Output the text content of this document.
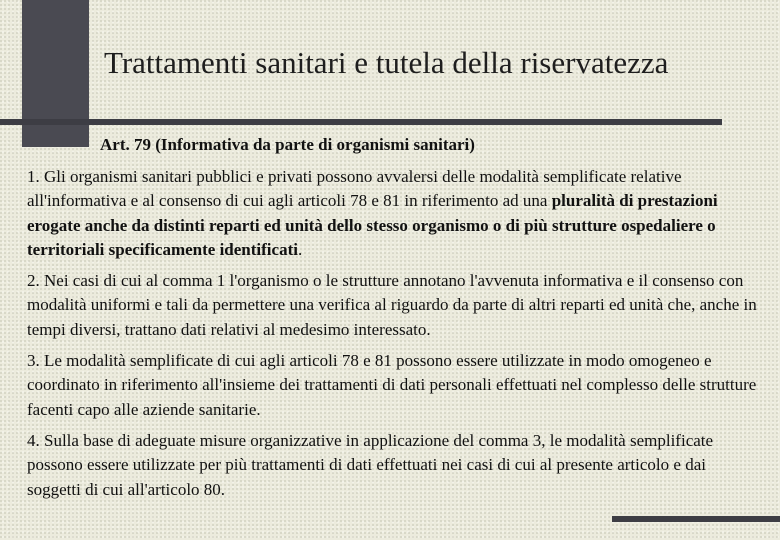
Trattamenti sanitari e tutela della riservatezza
Art. 79 (Informativa da parte di organismi sanitari)

1. Gli organismi sanitari pubblici e privati possono avvalersi delle modalità semplificate relative all'informativa e al consenso di cui agli articoli 78 e 81 in riferimento ad una pluralità di prestazioni erogate anche da distinti reparti ed unità dello stesso organismo o di più strutture ospedaliere o territoriali specificamente identificati.

2. Nei casi di cui al comma 1 l'organismo o le strutture annotano l'avvenuta informativa e il consenso con modalità uniformi e tali da permettere una verifica al riguardo da parte di altri reparti ed unità che, anche in tempi diversi, trattano dati relativi al medesimo interessato.

3. Le modalità semplificate di cui agli articoli 78 e 81 possono essere utilizzate in modo omogeneo e coordinato in riferimento all'insieme dei trattamenti di dati personali effettuati nel complesso delle strutture facenti capo alle aziende sanitarie.

4. Sulla base di adeguate misure organizzative in applicazione del comma 3, le modalità semplificate possono essere utilizzate per più trattamenti di dati effettuati nei casi di cui al presente articolo e dai soggetti di cui all'articolo 80.
